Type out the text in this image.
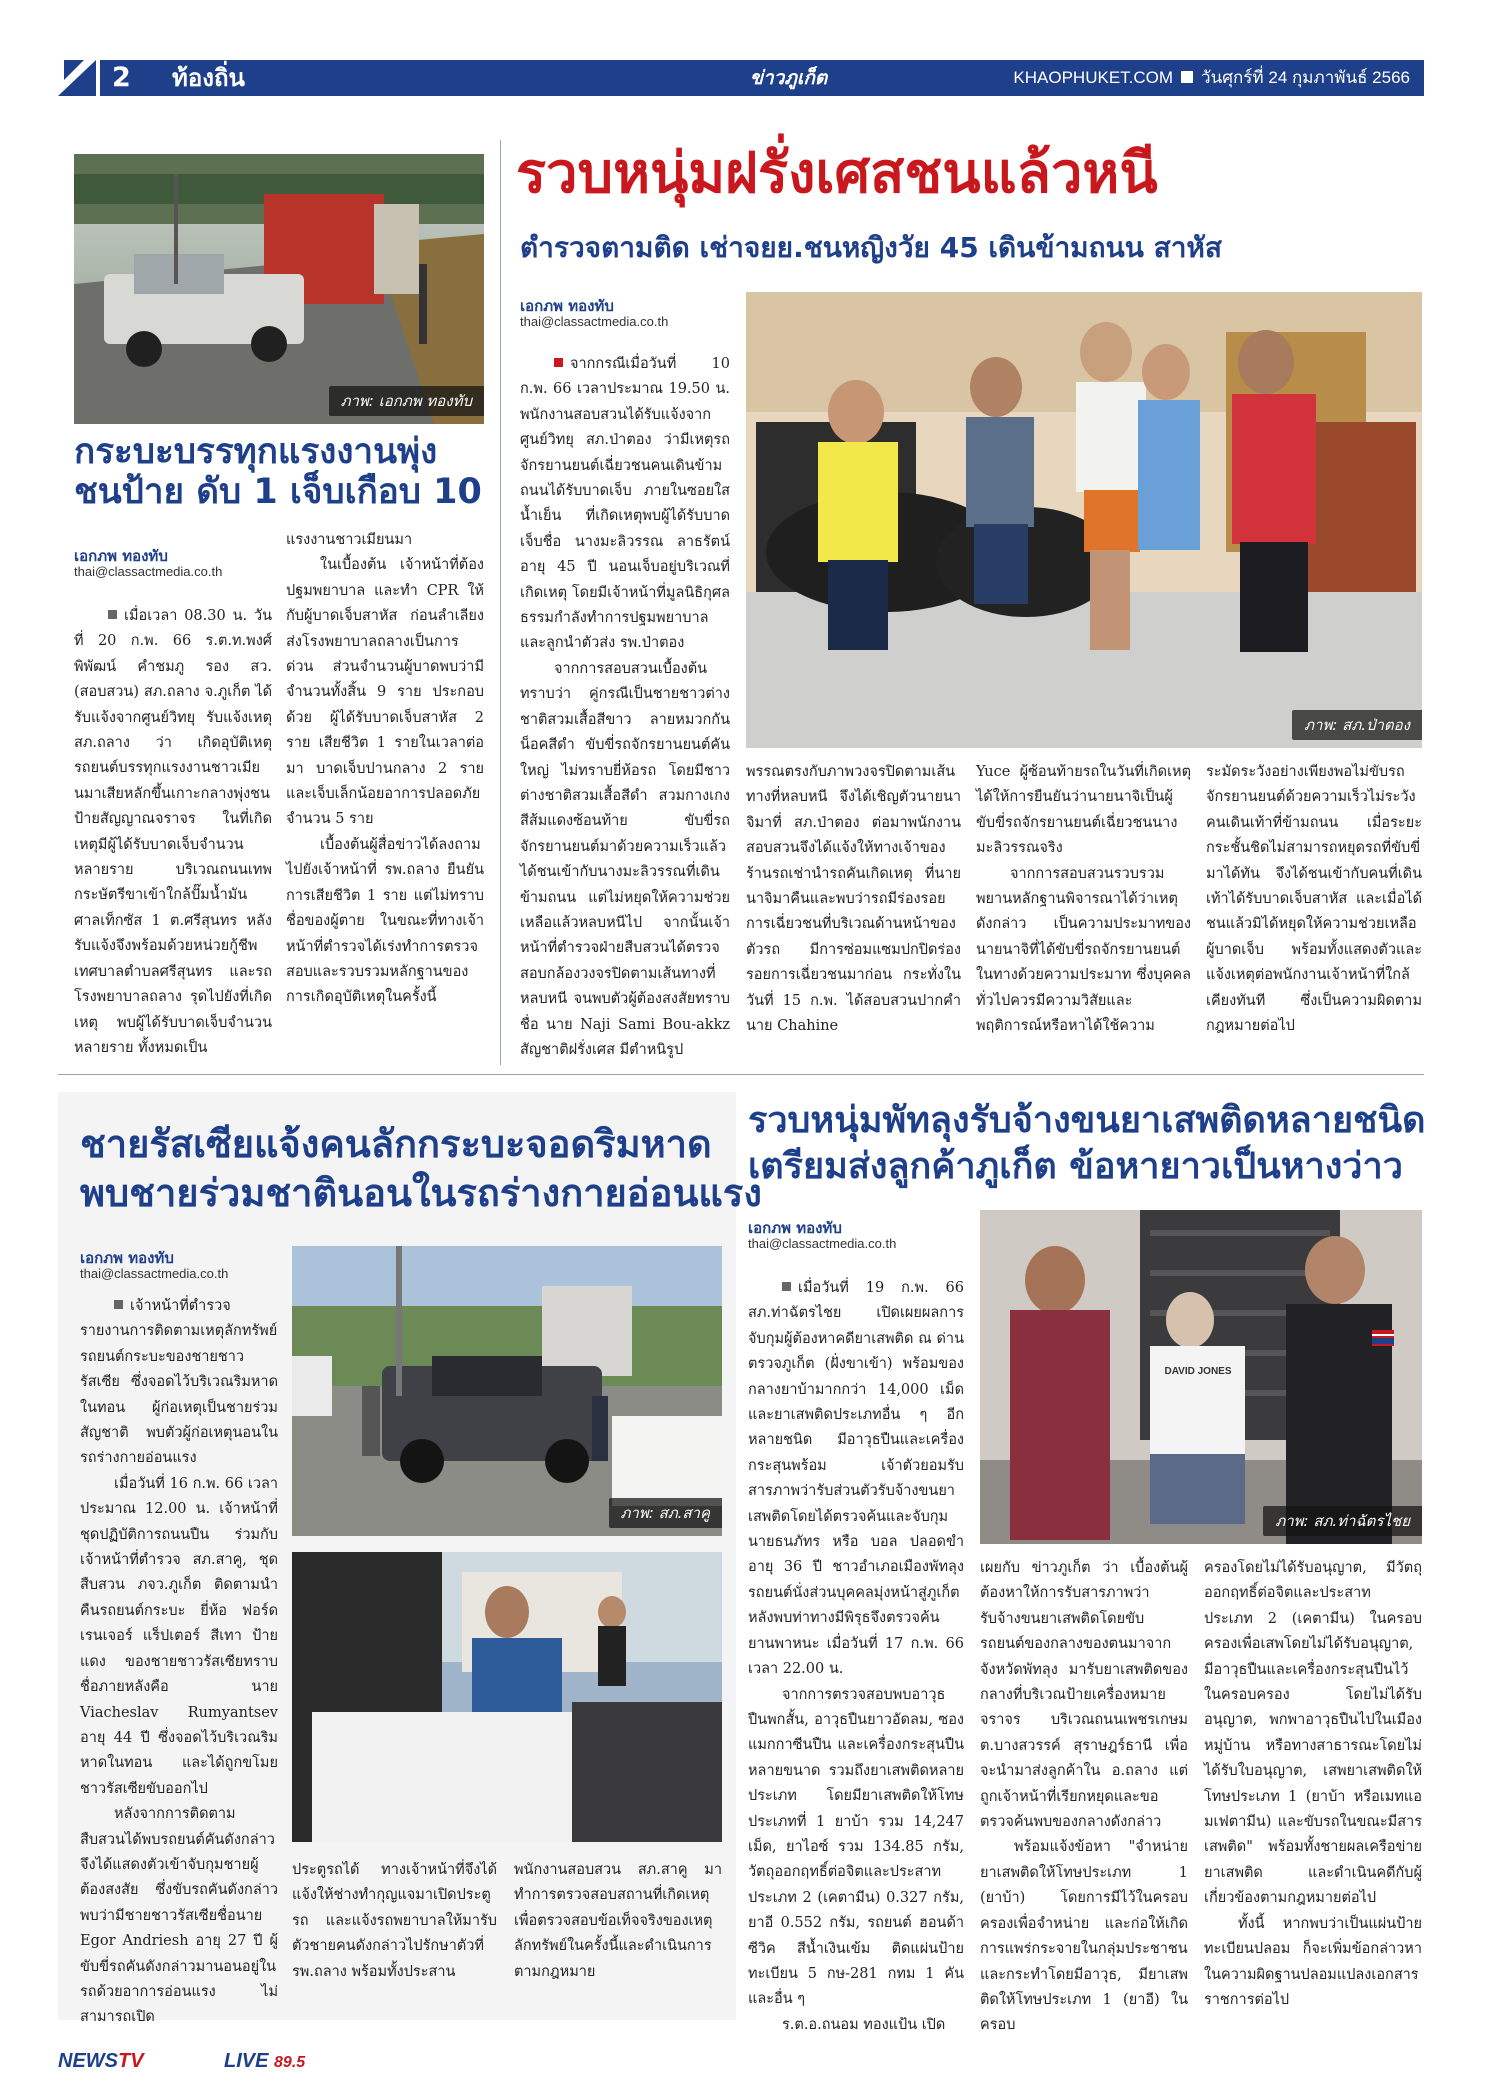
2 ท้องถิ่น	ข่าวภูเก็ต	KHAOPHUKET.COM วันศุกร์ที่ 24 กุมภาพันธ์ 2566
ภาพ: เอกภพ ทองทับ
กระบะบรรทุกแรงงานพุ่ง
ชนป้าย ดับ 1 เจ็บเกือบ 10
เอกภพ ทองทับ
thai@classactmedia.co.th

เมื่อเวลา 08.30 น. วันที่ 20 ก.พ. 66 ร.ต.ท.พงศ์พิพัฒน์ คำชมภู รอง สว.(สอบสวน) สภ.ถลาง จ.ภูเก็ต ได้รับแจ้งจากศูนย์วิทยุ รับแจ้งเหตุ สภ.ถลาง ว่า เกิดอุบัติเหตุรถยนต์บรรทุกแรงงานชาวเมียนมาเสียหลักขึ้นเกาะกลางพุ่งชนป้ายสัญญาณจราจร ในที่เกิดเหตุมีผู้ได้รับบาดเจ็บจำนวนหลายราย บริเวณถนนเทพกระษัตรีขาเข้าใกล้ปั๊มน้ำมันศาลเท็กซัส 1 ต.ศรีสุนทร หลังรับแจ้งจึงพร้อมด้วยหน่วยกู้ชีพเทศบาลตำบลศรีสุนทร และรถโรงพยาบาลถลาง รุดไปยังที่เกิดเหตุ พบผู้ได้รับบาดเจ็บจำนวนหลายราย ทั้งหมดเป็น

แรงงานชาวเมียนมา

ในเบื้องต้น เจ้าหน้าที่ต้องปฐมพยาบาล และทำ CPR ให้กับผู้บาดเจ็บสาหัส ก่อนลำเลียงส่งโรงพยาบาลถลางเป็นการด่วน ส่วนจำนวนผู้บาดพบว่ามีจำนวนทั้งสิ้น 9 ราย ประกอบด้วย ผู้ได้รับบาดเจ็บสาหัส 2 ราย เสียชีวิต 1 รายในเวลาต่อมา บาดเจ็บปานกลาง 2 ราย และเจ็บเล็กน้อยอาการปลอดภัยจำนวน 5 ราย

เบื้องต้นผู้สื่อข่าวได้ลงถามไปยังเจ้าหน้าที่ รพ.ถลาง ยืนยันการเสียชีวิต 1 ราย แต่ไม่ทราบชื่อของผู้ตาย ในขณะที่ทางเจ้าหน้าที่ตำรวจได้เร่งทำการตรวจสอบและรวบรวมหลักฐานของการเกิดอุบัติเหตุในครั้งนี้

รวบหนุ่มฝรั่งเศสชนแล้วหนี
ตำรวจตามติด เช่าจยย.ชนหญิงวัย 45 เดินข้ามถนน สาหัส
เอกภพ ทองทับ
thai@classactmedia.co.th
ภาพ: สภ.ป่าตอง

จากกรณีเมื่อวันที่ 10 ก.พ. 66 เวลาประมาณ 19.50 น. พนักงานสอบสวนได้รับแจ้งจากศูนย์วิทยุ สภ.ป่าตอง ว่ามีเหตุรถจักรยานยนต์เฉี่ยวชนคนเดินข้ามถนนได้รับบาดเจ็บ ภายในซอยใส น้ำเย็น ที่เกิดเหตุพบผู้ได้รับบาดเจ็บชื่อ นางมะลิวรรณ ลาธรัตน์ อายุ 45 ปี นอนเจ็บอยู่บริเวณที่เกิดเหตุ โดยมีเจ้าหน้าที่มูลนิธิกุศลธรรมกำลังทำการปฐมพยาบาล และลูกนำตัวส่ง รพ.ป่าตอง

จากการสอบสวนเบื้องต้นทราบว่า คู่กรณีเป็นชายชาวต่างชาติสวมเสื้อสีขาว ลายหมวกกันน็อคสีดำ ขับขี่รถจักรยานยนต์คันใหญ่ ไม่ทราบยี่ห้อรถ โดยมีชาวต่างชาติสวมเสื้อสีดำ สวมกางเกงสีส้มแดงซ้อนท้าย ขับขี่รถจักรยานยนต์มาด้วยความเร็วแล้วได้ชนเข้ากับนางมะลิวรรณที่เดินข้ามถนน แต่ไม่หยุดให้ความช่วยเหลือแล้วหลบหนีไป จากนั้นเจ้าหน้าที่ตำรวจฝ่ายสืบสวนได้ตรวจสอบกล้องวงจรปิดตามเส้นทางที่หลบหนี จนพบตัวผู้ต้องสงสัยทราบชื่อ นาย Naji Sami Bou-akkz สัญชาติฝรั่งเศส มีตำหนิรูป

พรรณตรงกับภาพวงจรปิดตามเส้นทางที่หลบหนี จึงได้เชิญตัวนายนาจิมาที่ สภ.ป่าตอง ต่อมาพนักงานสอบสวนจึงได้แจ้งให้ทางเจ้าของร้านรถเช่านำรถคันเกิดเหตุ ที่นายนาจิมาคืนและพบว่ารถมีร่องรอยการเฉี่ยวชนที่บริเวณด้านหน้าของตัวรถ มีการซ่อมแซมปกปิดร่องรอยการเฉี่ยวชนมาก่อน กระทั่งในวันที่ 15 ก.พ. ได้สอบสวนปากคำนาย Chahine

Yuce ผู้ซ้อนท้ายรถในวันที่เกิดเหตุได้ให้การยืนยันว่านายนาจิเป็นผู้ขับขี่รถจักรยานยนต์เฉี่ยวชนนางมะลิวรรณจริง

จากการสอบสวนรวบรวมพยานหลักฐานพิจารณาได้ว่าเหตุดังกล่าว เป็นความประมาทของนายนาจิที่ได้ขับขี่รถจักรยานยนต์ในทางด้วยความประมาท ซึ่งบุคคลทั่วไปควรมีความวิสัยและพฤติการณ์หรือหาได้ใช้ความ

ระมัดระวังอย่างเพียงพอไม่ขับรถจักรยานยนต์ด้วยความเร็วไม่ระวังคนเดินเท้าที่ข้ามถนน เมื่อระยะกระชั้นชิดไม่สามารถหยุดรถที่ขับขี่มาได้ทัน จึงได้ชนเข้ากับคนที่เดินเท้าได้รับบาดเจ็บสาหัส และเมื่อได้ชนแล้วมิได้หยุดให้ความช่วยเหลือผู้บาดเจ็บ พร้อมทั้งแสดงตัวและแจ้งเหตุต่อพนักงานเจ้าหน้าที่ใกล้เคียงทันที ซึ่งเป็นความผิดตามกฎหมายต่อไป

ชายรัสเซียแจ้งคนลักกระบะจอดริมหาด
พบชายร่วมชาตินอนในรถร่างกายอ่อนแรง
เอกภพ ทองทับ
thai@classactmedia.co.th
ภาพ: สภ.สาคู

เจ้าหน้าที่ตำรวจรายงานการติดตามเหตุลักทรัพย์รถยนต์กระบะของชายชาวรัสเซีย ซึ่งจอดไว้บริเวณริมหาดในทอน ผู้ก่อเหตุเป็นชายร่วมสัญชาติ พบตัวผู้ก่อเหตุนอนในรถร่างกายอ่อนแรง

เมื่อวันที่ 16 ก.พ. 66 เวลาประมาณ 12.00 น. เจ้าหน้าที่ชุดปฏิบัติการถนนปืน ร่วมกับ เจ้าหน้าที่ตำรวจ สภ.สาคู, ชุดสืบสวน ภจว.ภูเก็ต ติดตามนำคืนรถยนต์กระบะ ยี่ห้อ ฟอร์ด เรนเจอร์ แร็ปเตอร์ สีเทา ป้ายแดง ของชายชาวรัสเซียทราบชื่อภายหลังคือ นาย Viacheslav Rumyantsev อายุ 44 ปี ซึ่งจอดไว้บริเวณริมหาดในทอน และได้ถูกขโมยชาวรัสเซียขับออกไป

หลังจากการติดตามสืบสวนได้พบรถยนต์คันดังกล่าว จึงได้แสดงตัวเข้าจับกุมชายผู้ต้องสงสัย ซึ่งขับรถคันดังกล่าวพบว่ามีชายชาวรัสเซียชื่อนาย Egor Andriesh อายุ 27 ปี ผู้ขับขี่รถคันดังกล่าวมานอนอยู่ในรถด้วยอาการอ่อนแรง ไม่สามารถเปิด

ประตูรถได้ ทางเจ้าหน้าที่จึงได้แจ้งให้ช่างทำกุญแจมาเปิดประตูรถ และแจ้งรถพยาบาลให้มารับตัวชายคนดังกล่าวไปรักษาตัวที่ รพ.ถลาง พร้อมทั้งประสาน

พนักงานสอบสวน สภ.สาคู มาทำการตรวจสอบสถานที่เกิดเหตุเพื่อตรวจสอบข้อเท็จจริงของเหตุลักทรัพย์ในครั้งนี้และดำเนินการตามกฎหมาย

รวบหนุ่มพัทลุงรับจ้างขนยาเสพติดหลายชนิด
เตรียมส่งลูกค้าภูเก็ต ข้อหายาวเป็นหางว่าว
เอกภพ ทองทับ
thai@classactmedia.co.th
DAVID JONES
ภาพ: สภ.ท่าฉัตรไชย

เมื่อวันที่ 19 ก.พ. 66 สภ.ท่าฉัตรไชย เปิดเผยผลการจับกุมผู้ต้องหาคดียาเสพติด ณ ด่านตรวจภูเก็ต (ฝั่งขาเข้า) พร้อมของกลางยาบ้ามากกว่า 14,000 เม็ด และยาเสพติดประเภทอื่น ๆ อีกหลายชนิด มีอาวุธปืนและเครื่องกระสุนพร้อม เจ้าตัวยอมรับสารภาพว่ารับส่วนตัวรับจ้างขนยาเสพติดโดยได้ตรวจค้นและจับกุมนายธนภัทร หรือ บอล ปลอดขำ อายุ 36 ปี ชาวอำเภอเมืองพัทลุง รถยนต์นั่งส่วนบุคคลมุ่งหน้าสู่ภูเก็ต หลังพบท่าทางมีพิรุธจึงตรวจค้นยานพาหนะ เมื่อวันที่ 17 ก.พ. 66 เวลา 22.00 น.

จากการตรวจสอบพบอาวุธปืนพกสั้น, อาวุธปืนยาวอัดลม, ซองแมกกาซีนปืน และเครื่องกระสุนปืนหลายขนาด รวมถึงยาเสพติดหลายประเภท โดยมียาเสพติดให้โทษประเภทที่ 1 ยาบ้า รวม 14,247 เม็ด, ยาไอซ์ รวม 134.85 กรัม, วัตถุออกฤทธิ์ต่อจิตและประสาท ประเภท 2 (เคตามีน) 0.327 กรัม, ยาอี 0.552 กรัม, รถยนต์ ฮอนด้า ซีวิค สีน้ำเงินเข้ม ติดแผ่นป้ายทะเบียน 5 กษ-281 กทม 1 คัน และอื่น ๆ

ร.ต.อ.ถนอม ทองแป้น เปิด

เผยกับ ข่าวภูเก็ต ว่า เบื้องต้นผู้ต้องหาให้การรับสารภาพว่า รับจ้างขนยาเสพติดโดยขับรถยนต์ของกลางของตนมาจากจังหวัดพัทลุง มารับยาเสพติดของกลางที่บริเวณป้ายเครื่องหมายจราจร บริเวณถนนเพชรเกษม ต.บางสวรรค์ สุราษฎร์ธานี เพื่อจะนำมาส่งลูกค้าใน อ.ถลาง แต่ถูกเจ้าหน้าที่เรียกหยุดและขอตรวจค้นพบของกลางดังกล่าว

พร้อมแจ้งข้อหา "จำหน่ายยาเสพติดให้โทษประเภท 1 (ยาบ้า) โดยการมีไว้ในครอบครองเพื่อจำหน่าย และก่อให้เกิดการแพร่กระจายในกลุ่มประชาชน และกระทำโดยมีอาวุธ, มียาเสพติดให้โทษประเภท 1 (ยาอี) ในครอบ

ครองโดยไม่ได้รับอนุญาต, มีวัตถุออกฤทธิ์ต่อจิตและประสาท ประเภท 2 (เคตามีน) ในครอบครองเพื่อเสพโดยไม่ได้รับอนุญาต, มีอาวุธปืนและเครื่องกระสุนปืนไว้ในครอบครอง โดยไม่ได้รับอนุญาต, พกพาอาวุธปืนไปในเมือง หมู่บ้าน หรือทางสาธารณะโดยไม่ได้รับใบอนุญาต, เสพยาเสพติดให้โทษประเภท 1 (ยาบ้า หรือเมทแอมเฟตามีน) และขับรถในขณะมีสารเสพติด" พร้อมทั้งชายผลเครือข่ายยาเสพติด และดำเนินคดีกับผู้เกี่ยวข้องตามกฎหมายต่อไป

ทั้งนี้ หากพบว่าเป็นแผ่นป้ายทะเบียนปลอม ก็จะเพิ่มข้อกล่าวหาในความผิดฐานปลอมแปลงเอกสารราชการต่อไป

NEWSTV	LIVE 89.5
